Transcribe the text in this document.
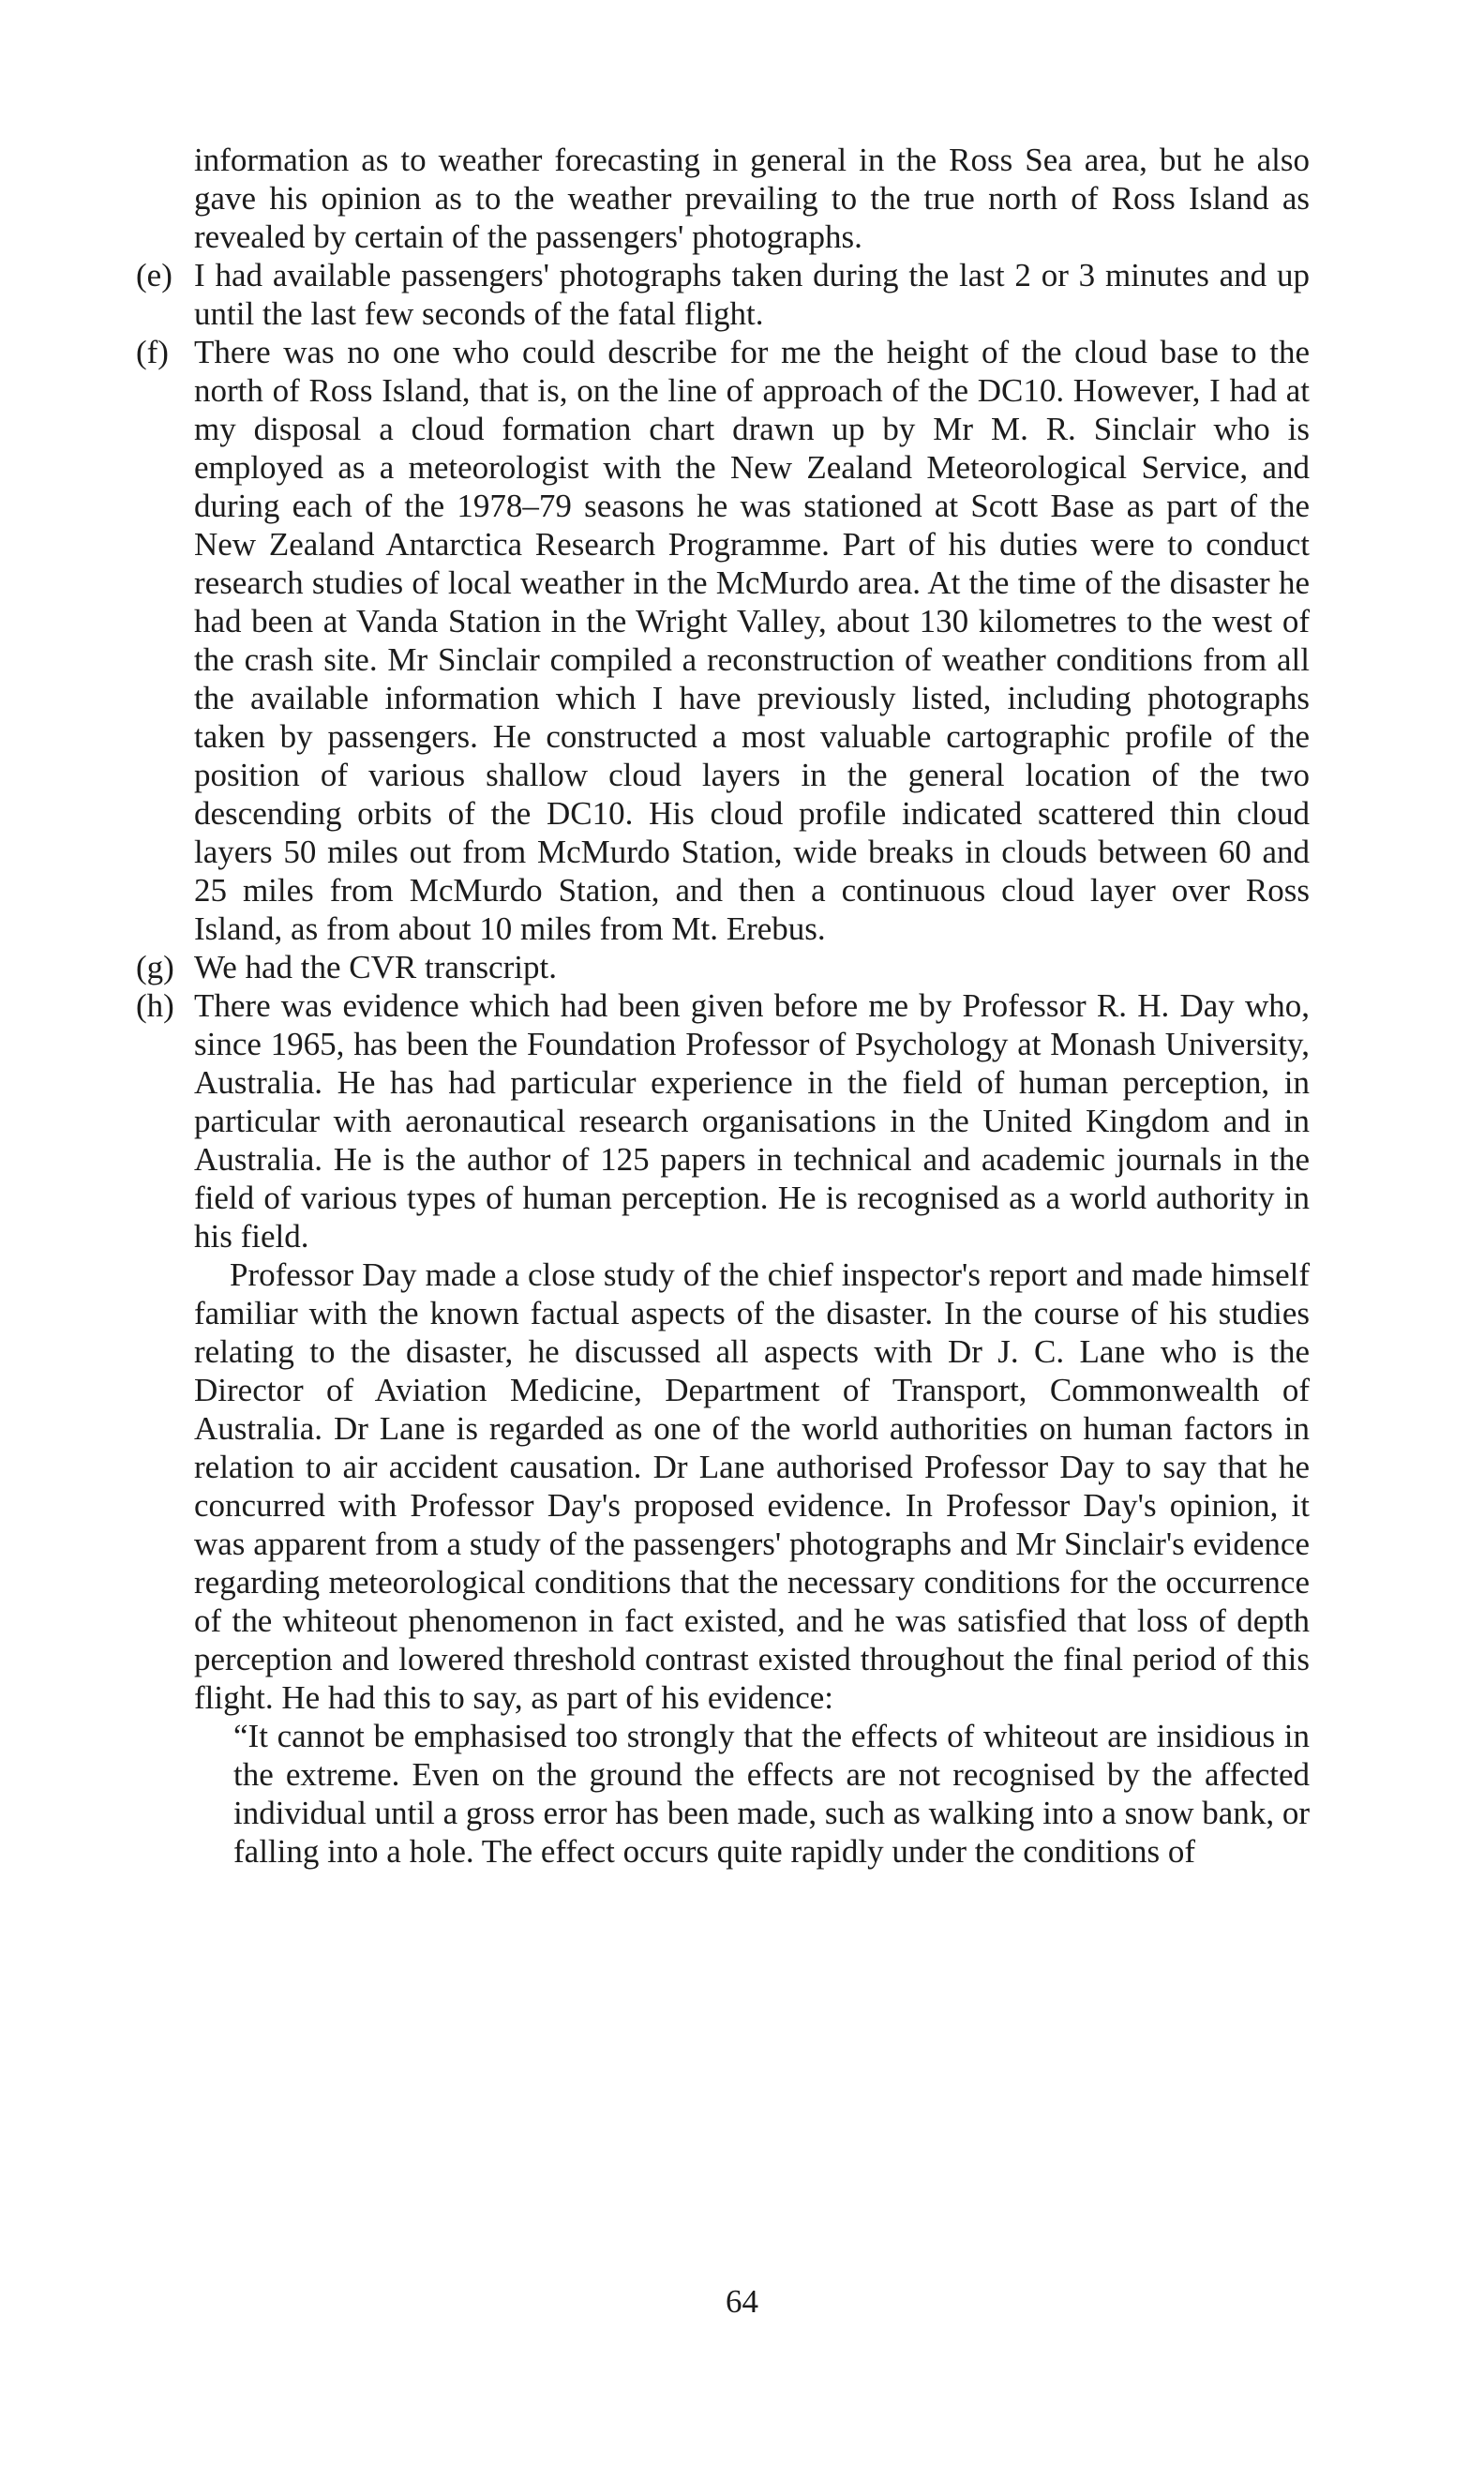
information as to weather forecasting in general in the Ross Sea area, but he also gave his opinion as to the weather prevailing to the true north of Ross Island as revealed by certain of the passengers' photographs.
(e) I had available passengers' photographs taken during the last 2 or 3 minutes and up until the last few seconds of the fatal flight.
(f) There was no one who could describe for me the height of the cloud base to the north of Ross Island, that is, on the line of approach of the DC10. However, I had at my disposal a cloud formation chart drawn up by Mr M. R. Sinclair who is employed as a meteorologist with the New Zealand Meteorological Service, and during each of the 1978–79 seasons he was stationed at Scott Base as part of the New Zealand Antarctica Research Programme. Part of his duties were to conduct research studies of local weather in the McMurdo area. At the time of the disaster he had been at Vanda Station in the Wright Valley, about 130 kilometres to the west of the crash site. Mr Sinclair compiled a reconstruction of weather conditions from all the available information which I have previously listed, including photographs taken by passengers. He constructed a most valuable cartographic profile of the position of various shallow cloud layers in the general location of the two descending orbits of the DC10. His cloud profile indicated scattered thin cloud layers 50 miles out from McMurdo Station, wide breaks in clouds between 60 and 25 miles from McMurdo Station, and then a continuous cloud layer over Ross Island, as from about 10 miles from Mt. Erebus.
(g) We had the CVR transcript.
(h) There was evidence which had been given before me by Professor R. H. Day who, since 1965, has been the Foundation Professor of Psychology at Monash University, Australia. He has had particular experience in the field of human perception, in particular with aeronautical research organisations in the United Kingdom and in Australia. He is the author of 125 papers in technical and academic journals in the field of various types of human perception. He is recognised as a world authority in his field.
Professor Day made a close study of the chief inspector's report and made himself familiar with the known factual aspects of the disaster. In the course of his studies relating to the disaster, he discussed all aspects with Dr J. C. Lane who is the Director of Aviation Medicine, Department of Transport, Commonwealth of Australia. Dr Lane is regarded as one of the world authorities on human factors in relation to air accident causation. Dr Lane authorised Professor Day to say that he concurred with Professor Day's proposed evidence. In Professor Day's opinion, it was apparent from a study of the passengers' photographs and Mr Sinclair's evidence regarding meteorological conditions that the necessary conditions for the occurrence of the whiteout phenomenon in fact existed, and he was satisfied that loss of depth perception and lowered threshold contrast existed throughout the final period of this flight. He had this to say, as part of his evidence:
“It cannot be emphasised too strongly that the effects of whiteout are insidious in the extreme. Even on the ground the effects are not recognised by the affected individual until a gross error has been made, such as walking into a snow bank, or falling into a hole. The effect occurs quite rapidly under the conditions of
64
